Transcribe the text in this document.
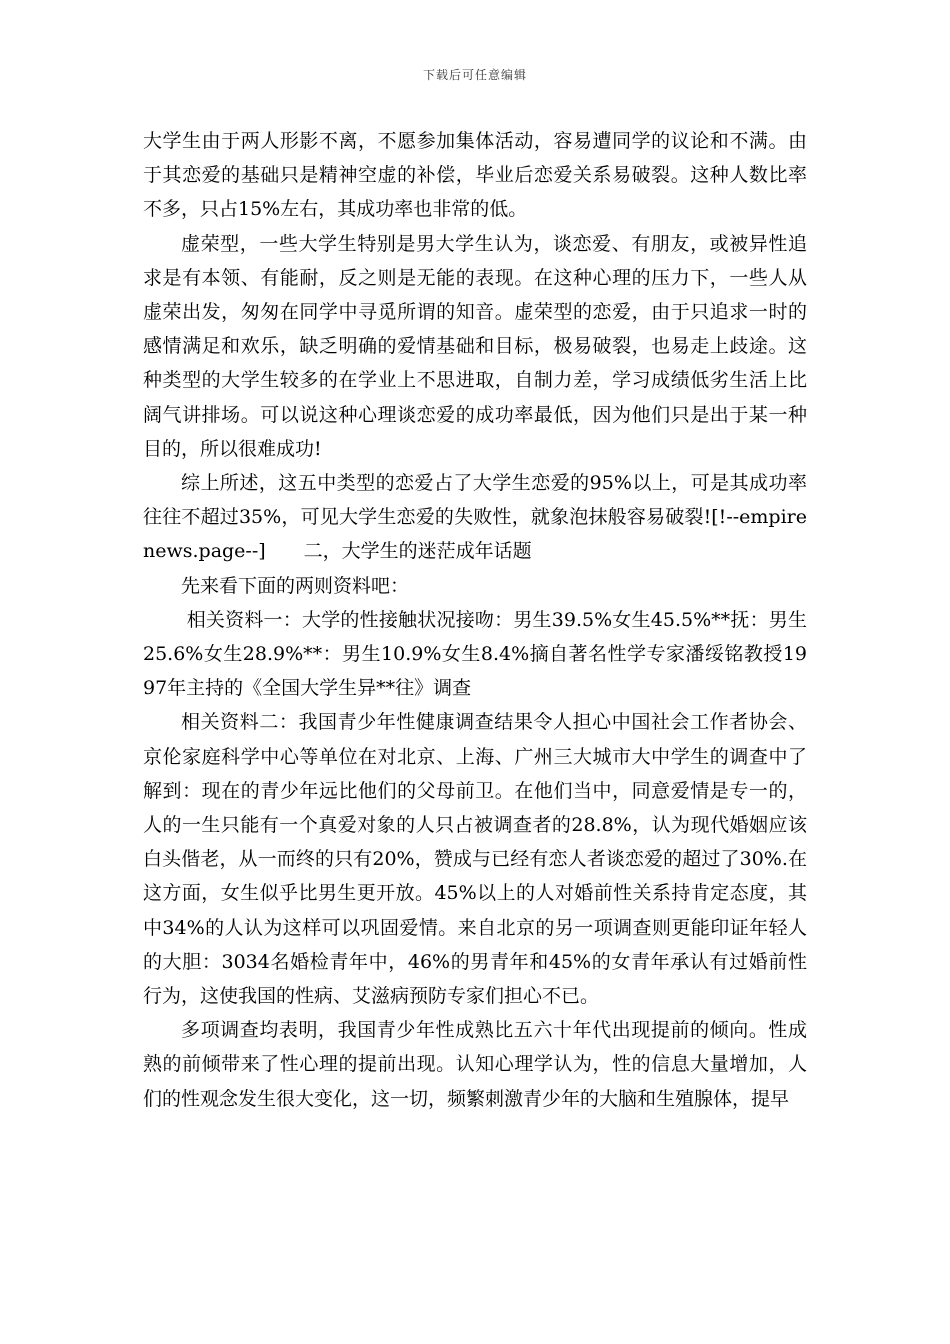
下载后可任意编辑

大学生由于两人形影不离，不愿参加集体活动，容易遭同学的议论和不满。由于其恋爱的基础只是精神空虚的补偿，毕业后恋爱关系易破裂。这种人数比率不多，只占15%左右，其成功率也非常的低。

虚荣型，一些大学生特别是男大学生认为，谈恋爱、有朋友，或被异性追求是有本领、有能耐，反之则是无能的表现。在这种心理的压力下，一些人从虚荣出发，匆匆在同学中寻觅所谓的知音。虚荣型的恋爱，由于只追求一时的感情满足和欢乐，缺乏明确的爱情基础和目标，极易破裂，也易走上歧途。这种类型的大学生较多的在学业上不思进取，自制力差，学习成绩低劣生活上比阔气讲排场。可以说这种心理谈恋爱的成功率最低，因为他们只是出于某一种目的，所以很难成功!

综上所述，这五中类型的恋爱占了大学生恋爱的95%以上，可是其成功率往往不超过35%，可见大学生恋爱的失败性，就象泡抹般容易破裂![!--empirenews.page--]　　二，大学生的迷茫成年话题

先来看下面的两则资料吧：

相关资料一：大学的性接触状况接吻：男生39.5%女生45.5%**抚：男生25.6%女生28.9%**：男生10.9%女生8.4%摘自著名性学专家潘绥铭教授1997年主持的《全国大学生异**往》调查

相关资料二：我国青少年性健康调查结果令人担心中国社会工作者协会、京伦家庭科学中心等单位在对北京、上海、广州三大城市大中学生的调查中了解到：现在的青少年远比他们的父母前卫。在他们当中，同意爱情是专一的，人的一生只能有一个真爱对象的人只占被调查者的28.8%，认为现代婚姻应该白头偕老，从一而终的只有20%，赞成与已经有恋人者谈恋爱的超过了30%.在这方面，女生似乎比男生更开放。45%以上的人对婚前性关系持肯定态度，其中34%的人认为这样可以巩固爱情。来自北京的另一项调查则更能印证年轻人的大胆：3034名婚检青年中，46%的男青年和45%的女青年承认有过婚前性行为，这使我国的性病、艾滋病预防专家们担心不已。

多项调查均表明，我国青少年性成熟比五六十年代出现提前的倾向。性成熟的前倾带来了性心理的提前出现。认知心理学认为，性的信息大量增加，人们的性观念发生很大变化，这一切，频繁刺激青少年的大脑和生殖腺体，提早
